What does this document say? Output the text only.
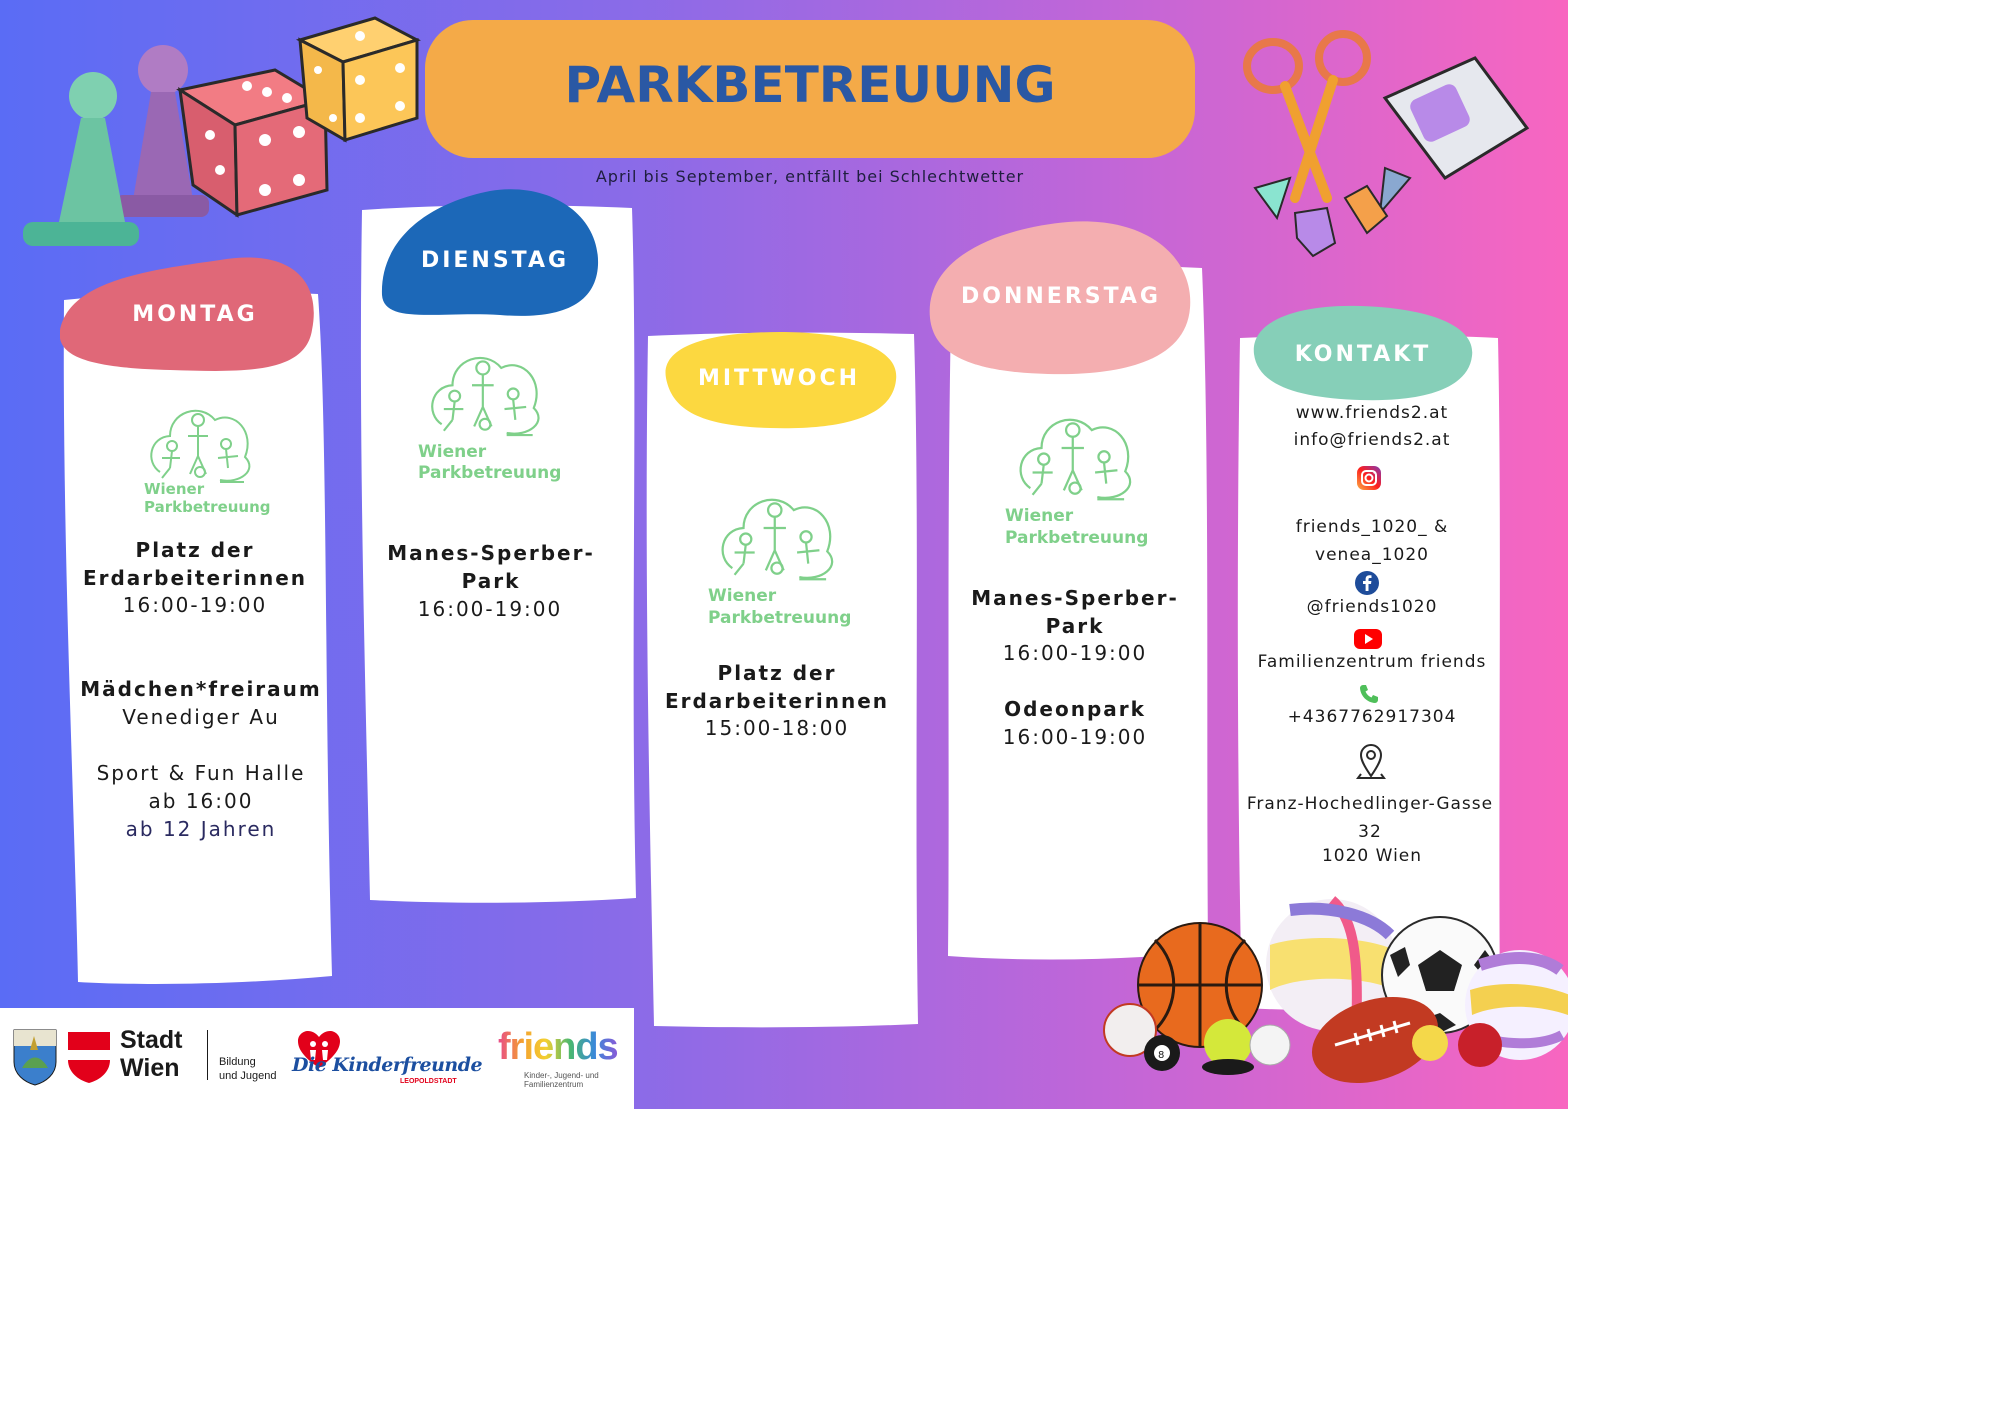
PARKBETREUUNG
April bis September, entfällt bei Schlechtwetter
MONTAG
DIENSTAG
MITTWOCH
DONNERSTAG
KONTAKT
Wiener
Parkbetreuung
Wiener
Parkbetreuung
Wiener
Parkbetreuung
Wiener
Parkbetreuung
Platz der Erdarbeiterinnen
16:00-19:00
Mädchen*freiraum
Venediger Au
Sport & Fun Halle
ab 16:00
ab 12 Jahren
Manes-Sperber-Park
16:00-19:00
Platz der Erdarbeiterinnen
15:00-18:00
Manes-Sperber-Park
16:00-19:00
Odeonpark
16:00-19:00
www.friends2.at
info@friends2.at
friends_1020_ & venea_1020
@friends1020
Familienzentrum friends
+4367762917304
Franz-Hochedlinger-Gasse 32
1020 Wien
8
Stadt
Wien	Bildung
und Jugend Die Kinderfreunde
LEOPOLDSTADT
friends
Kinder-, Jugend- und Familienzentrum
